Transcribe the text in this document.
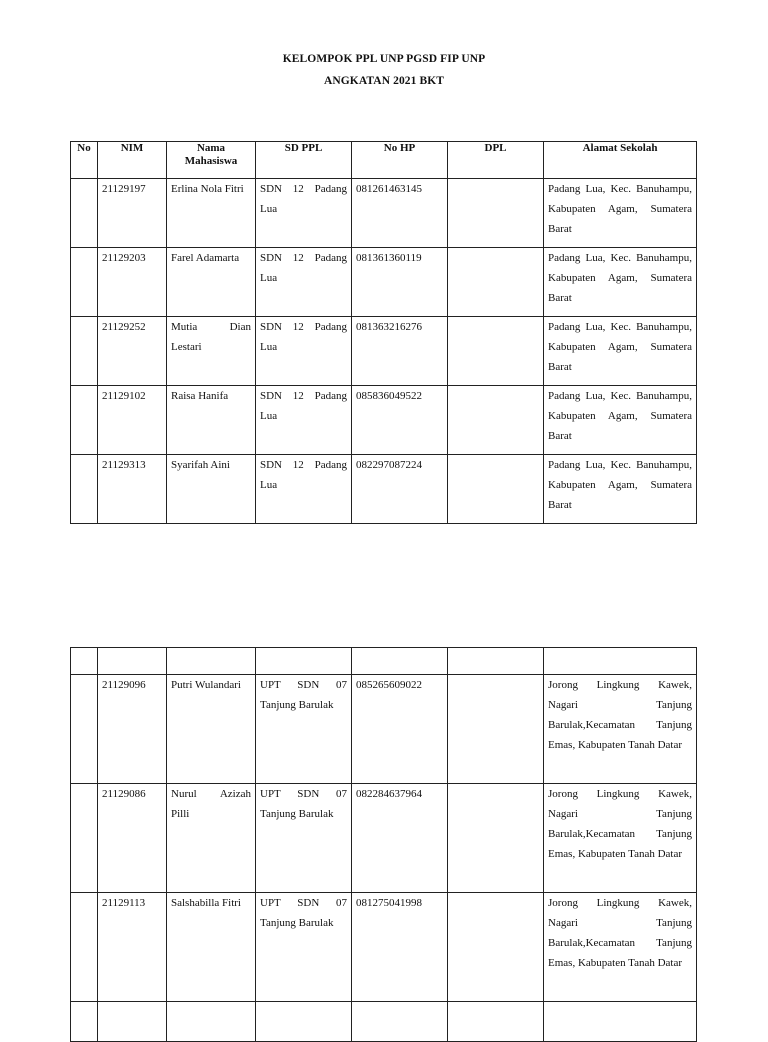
KELOMPOK PPL UNP PGSD FIP UNP
ANGKATAN 2021 BKT
No	NIM	Nama Mahasiswa	SD PPL	No HP	DPL	Alamat Sekolah
	21129197	Erlina Nola Fitri	SDN 12 Padang Lua	081261463145		Padang Lua, Kec. Banuhampu, Kabupaten Agam, Sumatera Barat
	21129203	Farel Adamarta	SDN 12 Padang Lua	081361360119		Padang Lua, Kec. Banuhampu, Kabupaten Agam, Sumatera Barat
	21129252	Mutia Dian Lestari	SDN 12 Padang Lua	081363216276		Padang Lua, Kec. Banuhampu, Kabupaten Agam, Sumatera Barat
	21129102	Raisa Hanifa	SDN 12 Padang Lua	085836049522		Padang Lua, Kec. Banuhampu, Kabupaten Agam, Sumatera Barat
	21129313	Syarifah Aini	SDN 12 Padang Lua	082297087224		Padang Lua, Kec. Banuhampu, Kabupaten Agam, Sumatera Barat

	21129096	Putri Wulandari	UPT SDN 07 Tanjung Barulak	085265609022		Jorong Lingkung Kawek, Nagari Tanjung Barulak,Kecamatan Tanjung Emas, Kabupaten Tanah Datar
	21129086	Nurul Azizah Pilli	UPT SDN 07 Tanjung Barulak	082284637964		Jorong Lingkung Kawek, Nagari Tanjung Barulak,Kecamatan Tanjung Emas, Kabupaten Tanah Datar
	21129113	Salshabilla Fitri	UPT SDN 07 Tanjung Barulak	081275041998		Jorong Lingkung Kawek, Nagari Tanjung Barulak,Kecamatan Tanjung Emas, Kabupaten Tanah Datar
